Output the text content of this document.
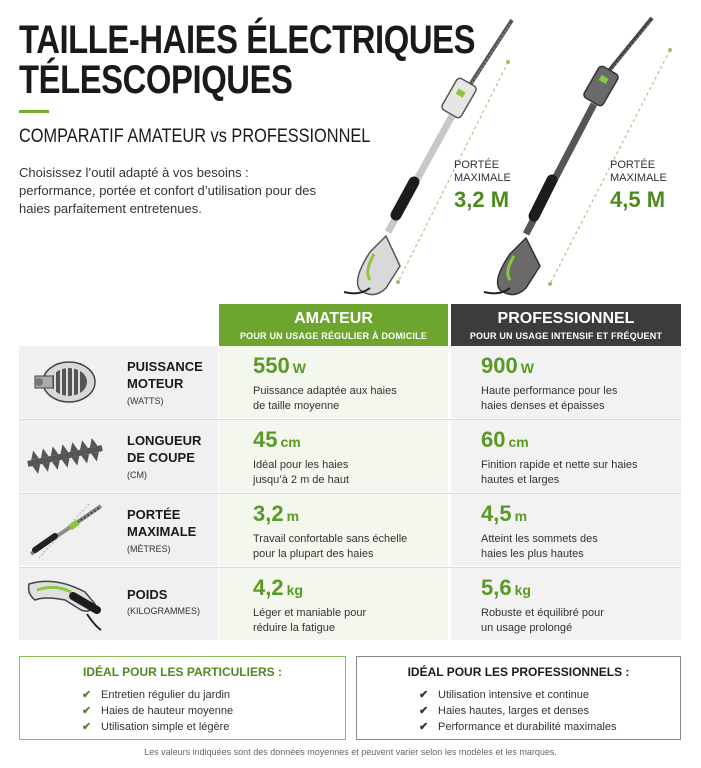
TAILLE-HAIES ÉLECTRIQUES
TÉLESCOPIQUES
COMPARATIF AMATEUR vs PROFESSIONNEL
Choisissez l’outil adapté à vos besoins : performance, portée et confort d’utilisation pour des haies parfaitement entretenues.
PORTÉE MAXIMALE
3,2 M
PORTÉE MAXIMALE
4,5 M
AMATEUR
POUR UN USAGE RÉGULIER À DOMICILE
PROFESSIONNEL
POUR UN USAGE INTENSIF ET FRÉQUENT
PUISSANCE MOTEUR
(WATTS)
550 W
Puissance adaptée aux haies de taille moyenne
900 W
Haute performance pour les haies denses et épaisses
LONGUEUR DE COUPE
(CM)
45 cm
Idéal pour les haies jusqu’à 2 m de haut
60 cm
Finition rapide et nette sur haies hautes et larges
PORTÉE MAXIMALE
(MÈTRES)
3,2 m
Travail confortable sans échelle pour la plupart des haies
4,5 m
Atteint les sommets des haies les plus hautes
POIDS
(KILOGRAMMES)
4,2 kg
Léger et maniable pour réduire la fatigue
5,6 kg
Robuste et équilibré pour un usage prolongé
IDÉAL POUR LES PARTICULIERS :
✔ Entretien régulier du jardin
✔ Haies de hauteur moyenne
✔ Utilisation simple et légère
IDÉAL POUR LES PROFESSIONNELS :
✔ Utilisation intensive et continue
✔ Haies hautes, larges et denses
✔ Performance et durabilité maximales
Les valeurs indiquées sont des données moyennes et peuvent varier selon les modèles et les marques.
